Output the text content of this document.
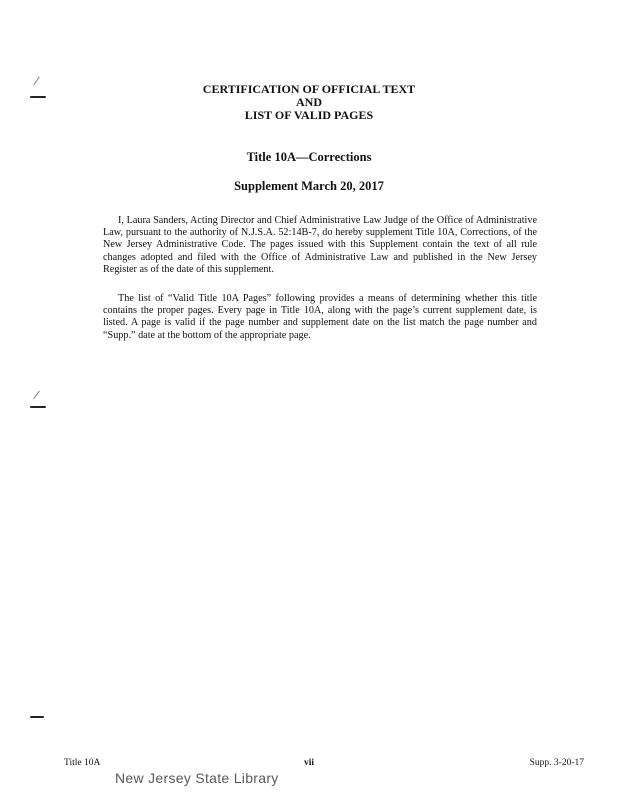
CERTIFICATION OF OFFICIAL TEXT
AND
LIST OF VALID PAGES
Title 10A—Corrections
Supplement March 20, 2017

I, Laura Sanders, Acting Director and Chief Administrative Law Judge of the Office of Administrative Law, pursuant to the authority of N.J.S.A. 52:14B-7, do hereby supplement Title 10A, Corrections, of the New Jersey Administrative Code. The pages issued with this Supplement contain the text of all rule changes adopted and filed with the Office of Administrative Law and published in the New Jersey Register as of the date of this supplement.

The list of “Valid Title 10A Pages” following provides a means of determining whether this title contains the proper pages. Every page in Title 10A, along with the page’s current supplement date, is listed. A page is valid if the page number and supplement date on the list match the page number and “Supp.” date at the bottom of the appropriate page.

Title 10A	vii	Supp. 3-20-17
New Jersey State Library
